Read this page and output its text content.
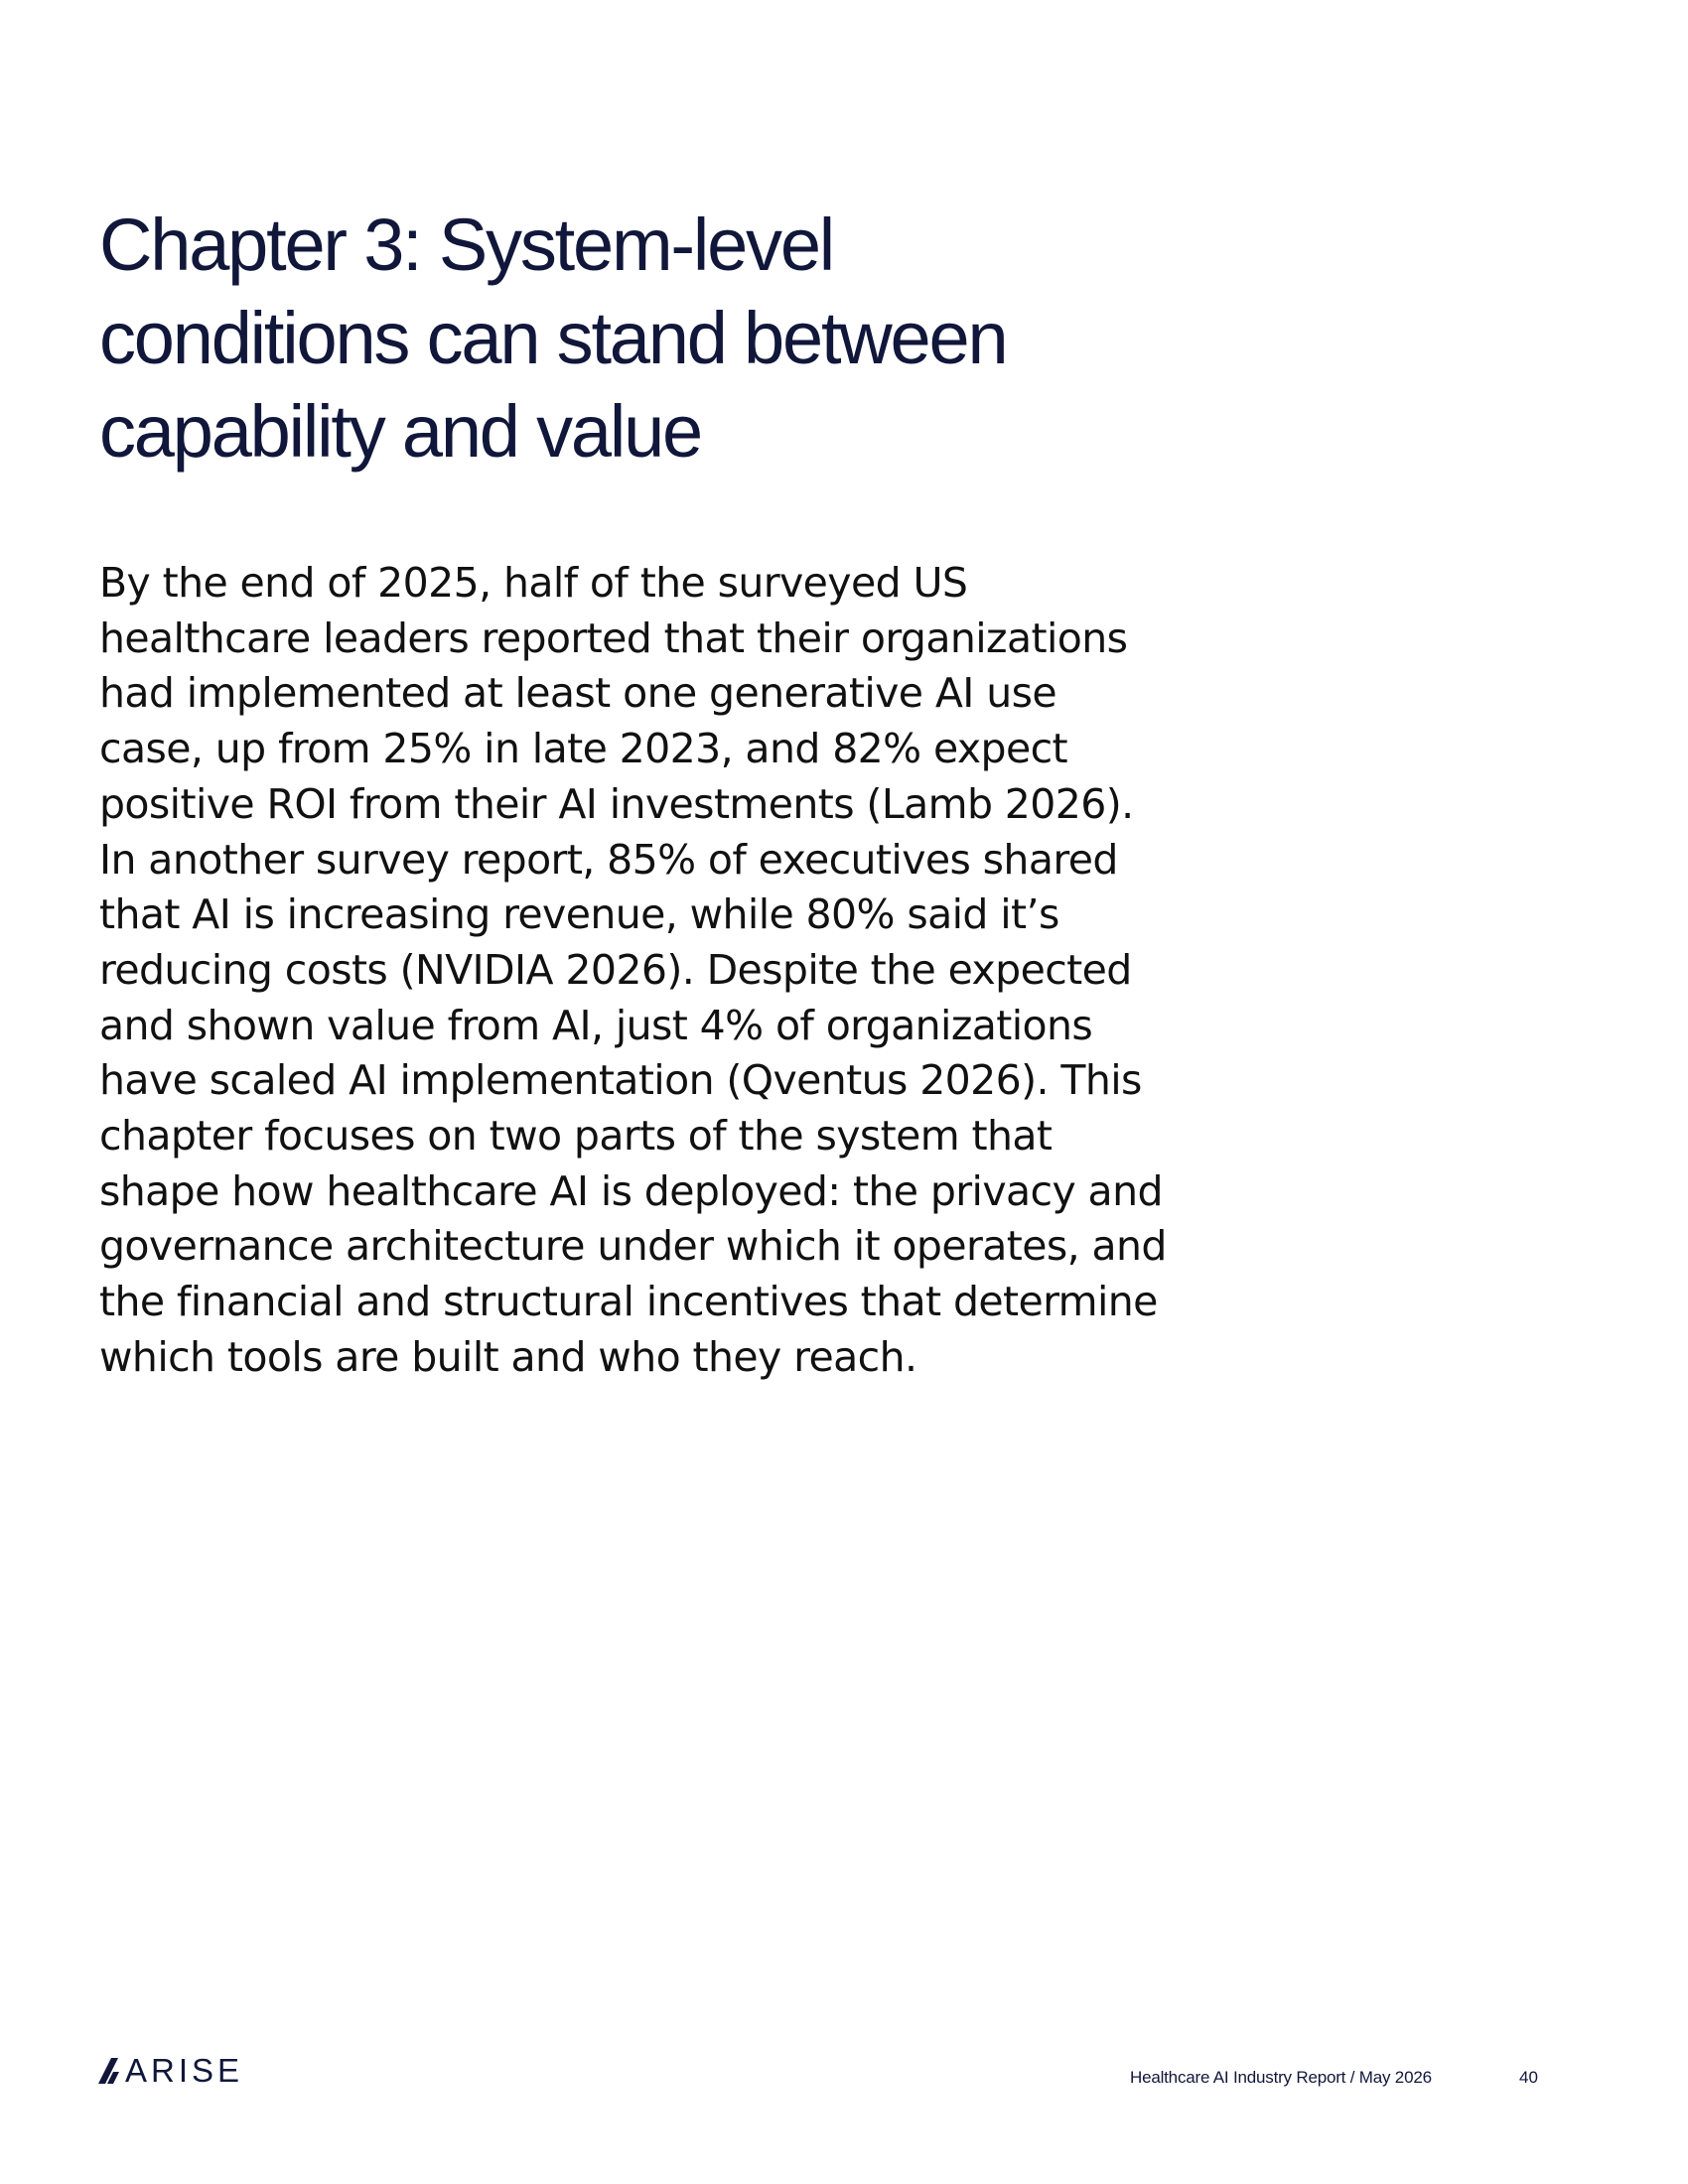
Chapter 3: System-level
conditions can stand between
capability and value

By the end of 2025, half of the surveyed US
healthcare leaders reported that their organizations
had implemented at least one generative AI use
case, up from 25% in late 2023, and 82% expect
positive ROI from their AI investments (Lamb 2026).
In another survey report, 85% of executives shared
that AI is increasing revenue, while 80% said it’s
reducing costs (NVIDIA 2026). Despite the expected
and shown value from AI, just 4% of organizations
have scaled AI implementation (Qventus 2026). This
chapter focuses on two parts of the system that
shape how healthcare AI is deployed: the privacy and
governance architecture under which it operates, and
the financial and structural incentives that determine
which tools are built and who they reach.

ARISE	Healthcare AI Industry Report / May 2026	40
